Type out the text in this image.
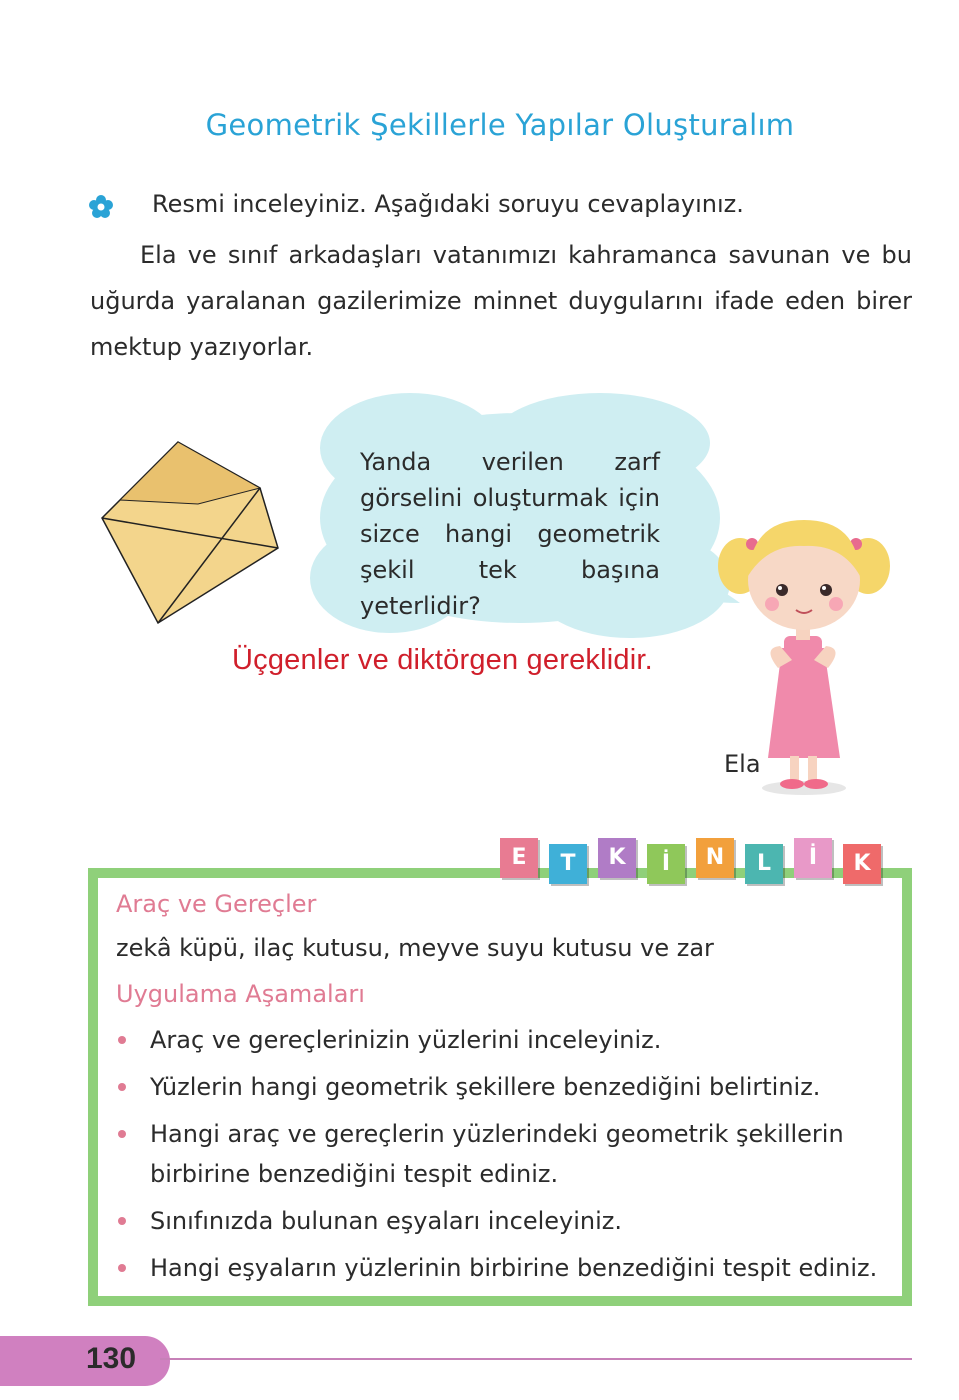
Geometrik Şekillerle Yapılar Oluşturalım
Resmi inceleyiniz. Aşağıdaki soruyu cevaplayınız.
Ela ve sınıf arkadaşları vatanımızı kahramanca savunan ve bu uğurda yaralanan gazilerimize minnet duygularını ifade eden birer mektup yazıyorlar.
Yanda verilen zarf görselini oluşturmak için sizce hangi geometrik şekil tek başına yeterlidir?
Üçgenler ve diktörgen gereklidir.
Ela
E	T	K	İ	N	L	İ	K
Araç ve Gereçler
zekâ küpü, ilaç kutusu, meyve suyu kutusu ve zar
Uygulama Aşamaları
Araç ve gereçlerinizin yüzlerini inceleyiniz.
Yüzlerin hangi geometrik şekillere benzediğini belirtiniz.
Hangi araç ve gereçlerin yüzlerindeki geometrik şekillerin birbirine benzediğini tespit ediniz.
Sınıfınızda bulunan eşyaları inceleyiniz.
Hangi eşyaların yüzlerinin birbirine benzediğini tespit ediniz.
130
